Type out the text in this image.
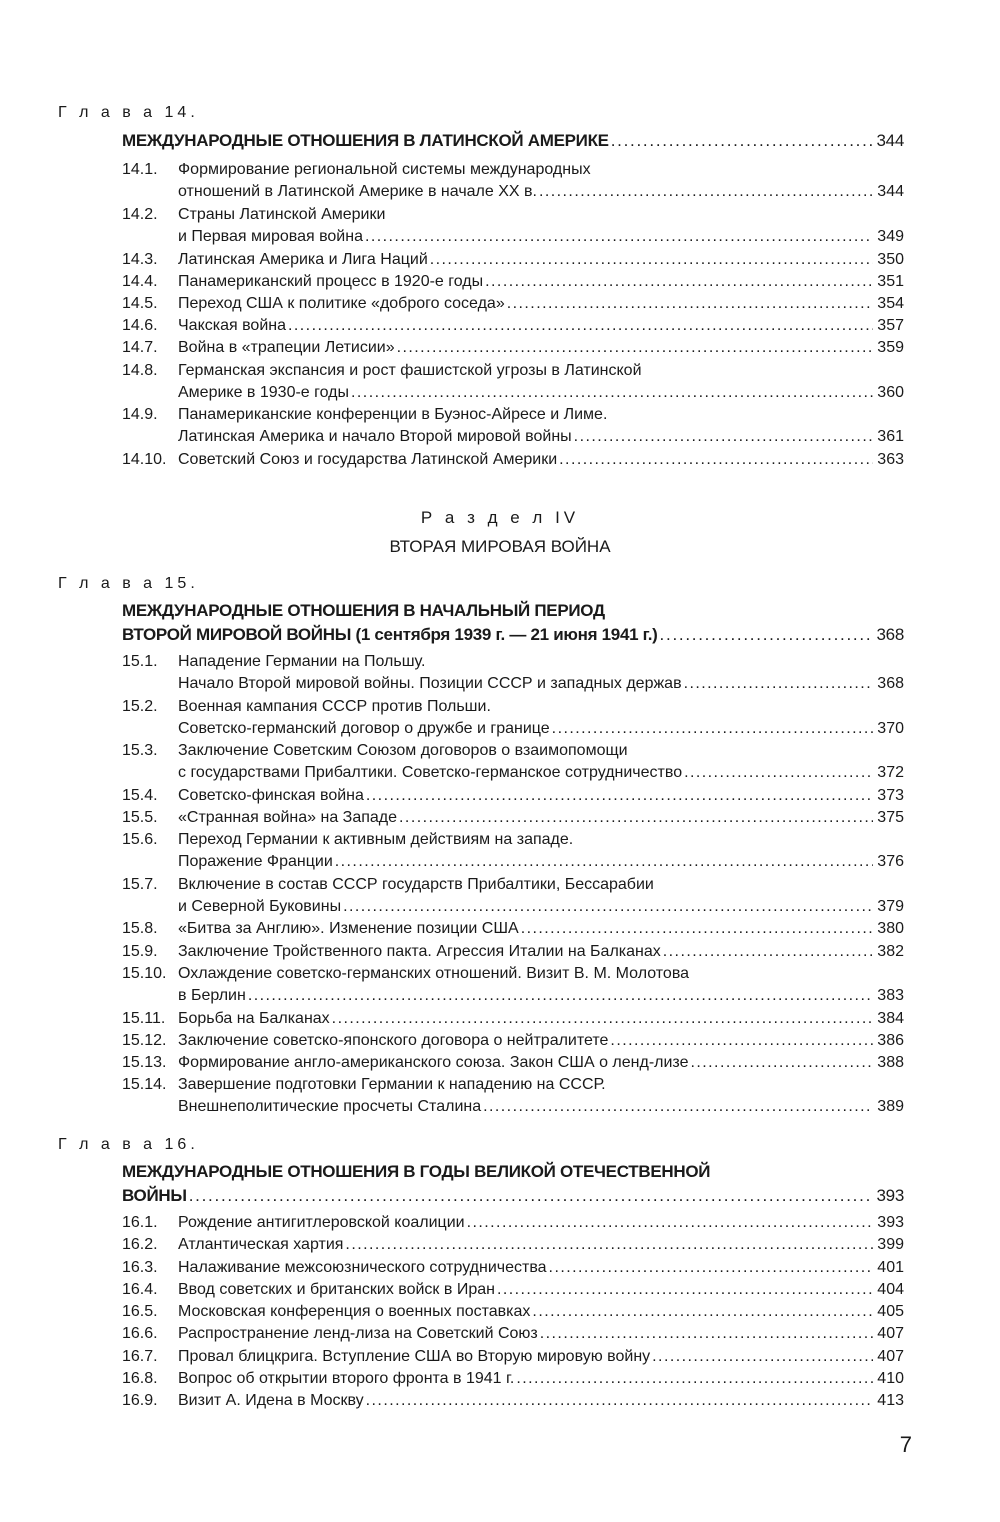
Г л а в а 14.
МЕЖДУНАРОДНЫЕ ОТНОШЕНИЯ В ЛАТИНСКОЙ АМЕРИКЕ . . .	344
14.1.	Формирование региональной системы международных
отношений в Латинской Америке в начале XX в. . . .	344
14.2.	Страны Латинской Америки
и Первая мировая война . . .	349
14.3.	Латинская Америка и Лига Наций . . .	350
14.4.	Панамериканский процесс в 1920-е годы . . .	351
14.5.	Переход США к политике «доброго соседа» . . .	354
14.6.	Чакская война . . .	357
14.7.	Война в «трапеции Летисии» . . .	359
14.8.	Германская экспансия и рост фашистской угрозы в Латинской
Америке в 1930-е годы . . .	360
14.9.	Панамериканские конференции в Буэнос-Айресе и Лиме.
Латинская Америка и начало Второй мировой войны . . .	361
14.10. Советский Союз и государства Латинской Америки . . .	363
Р а з д е л IV
ВТОРАЯ МИРОВАЯ ВОЙНА
Г л а в а 15.
МЕЖДУНАРОДНЫЕ ОТНОШЕНИЯ В НАЧАЛЬНЫЙ ПЕРИОД
ВТОРОЙ МИРОВОЙ ВОЙНЫ (1 сентября 1939 г. — 21 июня 1941 г.) . . .	368
15.1.	Нападение Германии на Польшу.
Начало Второй мировой войны. Позиции СССР и западных держав . . .	368
15.2.	Военная кампания СССР против Польши.
Советско-германский договор о дружбе и границе . . .	370
15.3.	Заключение Советским Союзом договоров о взаимопомощи
с государствами Прибалтики. Советско-германское сотрудничество . . .	372
15.4.	Советско-финская война . . .	373
15.5.	«Странная война» на Западе . . .	375
15.6.	Переход Германии к активным действиям на западе.
Поражение Франции . . .	376
15.7.	Включение в состав СССР государств Прибалтики, Бессарабии
и Северной Буковины . . .	379
15.8.	«Битва за Англию». Изменение позиции США . . .	380
15.9.	Заключение Тройственного пакта. Агрессия Италии на Балканах . . .	382
15.10. Охлаждение советско-германских отношений. Визит В. М. Молотова
в Берлин . . .	383
15.11. Борьба на Балканах . . .	384
15.12. Заключение советско-японского договора о нейтралитете . . .	386
15.13. Формирование англо-американского союза. Закон США о ленд-лизе . . .	388
15.14. Завершение подготовки Германии к нападению на СССР.
Внешнеполитические просчеты Сталина . . .	389
Г л а в а 16.
МЕЖДУНАРОДНЫЕ ОТНОШЕНИЯ В ГОДЫ ВЕЛИКОЙ ОТЕЧЕСТВЕННОЙ
ВОЙНЫ . . .	393
16.1.	Рождение антигитлеровской коалиции . . .	393
16.2.	Атлантическая хартия . . .	399
16.3.	Налаживание межсоюзнического сотрудничества . . .	401
16.4.	Ввод советских и британских войск в Иран . . .	404
16.5.	Московская конференция о военных поставках . . .	405
16.6.	Распространение ленд-лиза на Советский Союз . . .	407
16.7.	Провал блицкрига. Вступление США во Вторую мировую войну . . .	407
16.8.	Вопрос об открытии второго фронта в 1941 г. . . .	410
16.9.	Визит А. Идена в Москву . . .	413
7
